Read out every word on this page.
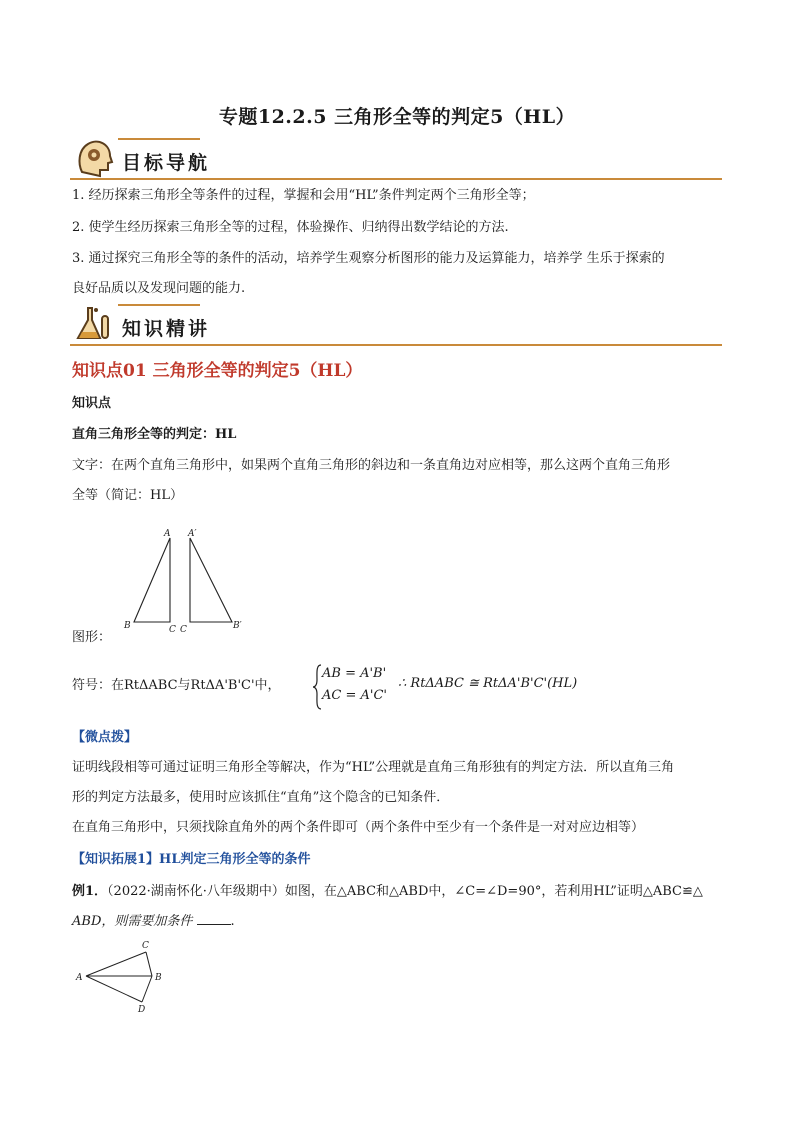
专题12.2.5 三角形全等的判定5（HL）
目标导航
1. 经历探索三角形全等条件的过程，掌握和会用“HL”条件判定两个三角形全等；
2. 使学生经历探索三角形全等的过程，体验操作、归纳得出数学结论的方法.
3. 通过探究三角形全等的条件的活动，培养学生观察分析图形的能力及运算能力，培养学 生乐于探索的
良好品质以及发现问题的能力.
知识精讲
知识点01 三角形全等的判定5（HL）
知识点
直角三角形全等的判定：HL
文字：在两个直角三角形中，如果两个直角三角形的斜边和一条直角边对应相等，那么这两个直角三角形
全等（简记：HL）
A
B	C
A′
C	B′
图形：
符号：在RtΔABC与RtΔA'B'C'中，
AB = A'B'
AC = A'C'
∴ RtΔABC ≅ RtΔA'B'C'(HL)
【微点拨】
证明线段相等可通过证明三角形全等解决，作为“HL”公理就是直角三角形独有的判定方法．所以直角三角
形的判定方法最多，使用时应该抓住“直角”这个隐含的已知条件．
在直角三角形中，只须找除直角外的两个条件即可（两个条件中至少有一个条件是一对对应边相等）
【知识拓展1】HL判定三角形全等的条件
例1．（2022·湖南怀化·八年级期中）如图，在△ABC和△ABD中，∠C=∠D=90°，若利用HL”证明△ABC≌△
ABD，则需要加条件	.
A	B
C
D
